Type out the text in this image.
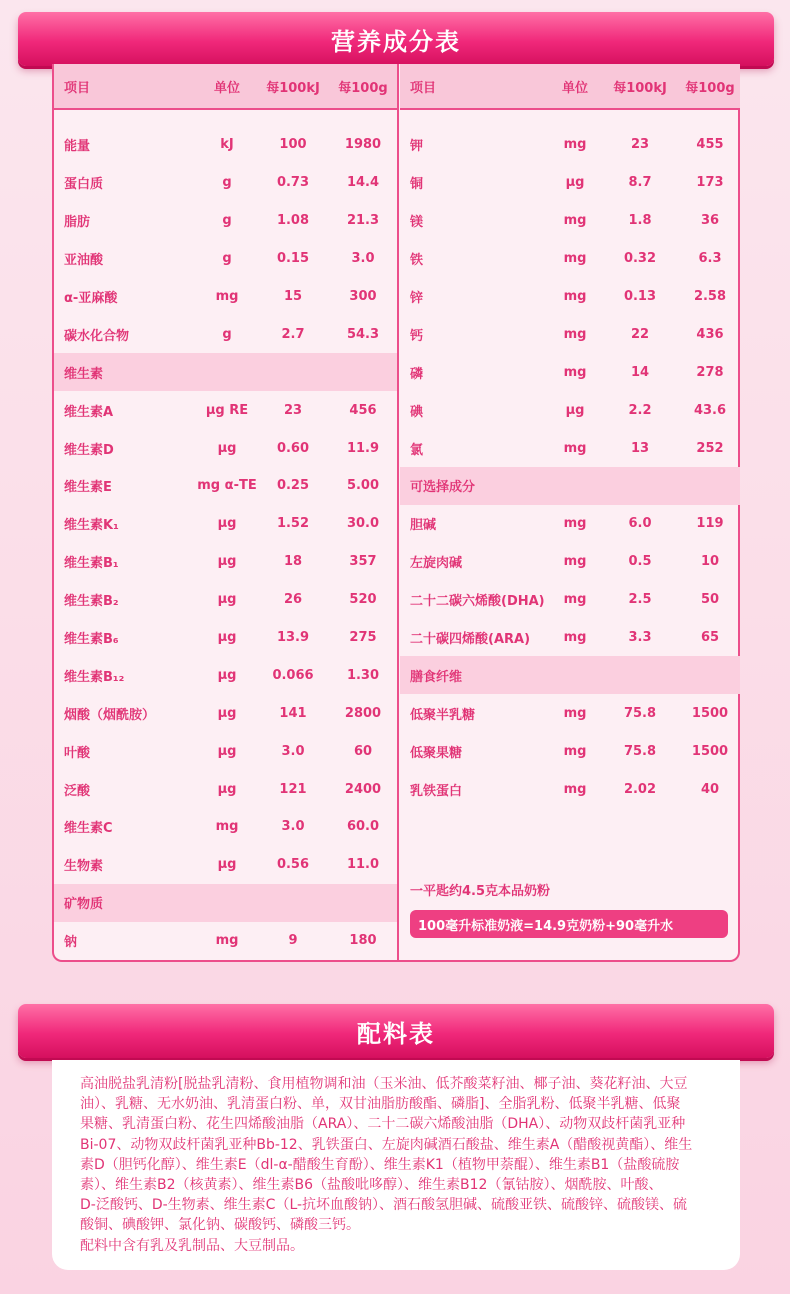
营养成分表
项目	单位	每100kJ	每100g
能量	kJ	100	1980
蛋白质	g	0.73	14.4
脂肪	g	1.08	21.3
亚油酸	g	0.15	3.0
α-亚麻酸	mg	15	300
碳水化合物	g	2.7	54.3
维生素
维生素A	μg RE	23	456
维生素D	μg	0.60	11.9
维生素E	mg α-TE	0.25	5.00
维生素K₁	μg	1.52	30.0
维生素B₁	μg	18	357
维生素B₂	μg	26	520
维生素B₆	μg	13.9	275
维生素B₁₂	μg	0.066	1.30
烟酸（烟酰胺）	μg	141	2800
叶酸	μg	3.0	60
泛酸	μg	121	2400
维生素C	mg	3.0	60.0
生物素	μg	0.56	11.0
矿物质
钠	mg	9	180
项目	单位	每100kJ	每100g
钾	mg	23	455
铜	μg	8.7	173
镁	mg	1.8	36
铁	mg	0.32	6.3
锌	mg	0.13	2.58
钙	mg	22	436
磷	mg	14	278
碘	μg	2.2	43.6
氯	mg	13	252
可选择成分
胆碱	mg	6.0	119
左旋肉碱	mg	0.5	10
二十二碳六烯酸(DHA)	mg	2.5	50
二十碳四烯酸(ARA)	mg	3.3	65
膳食纤维
低聚半乳糖	mg	75.8	1500
低聚果糖	mg	75.8	1500
乳铁蛋白	mg	2.02	40
一平匙约4.5克本品奶粉
100毫升标准奶液=14.9克奶粉+90毫升水
配料表

高油脱盐乳清粉[脱盐乳清粉、食用植物调和油（玉米油、低芥酸菜籽油、椰子油、葵花籽油、大豆

油）、乳糖、无水奶油、乳清蛋白粉、单，双甘油脂肪酸酯、磷脂]、全脂乳粉、低聚半乳糖、低聚

果糖、乳清蛋白粉、花生四烯酸油脂（ARA）、二十二碳六烯酸油脂（DHA）、动物双歧杆菌乳亚种

Bi-07、动物双歧杆菌乳亚种Bb-12、乳铁蛋白、左旋肉碱酒石酸盐、维生素A（醋酸视黄酯）、维生

素D（胆钙化醇）、维生素E（dl-α-醋酸生育酚）、维生素K1（植物甲萘醌）、维生素B1（盐酸硫胺

素）、维生素B2（核黄素）、维生素B6（盐酸吡哆醇）、维生素B12（氰钴胺）、烟酰胺、叶酸、

D-泛酸钙、D-生物素、维生素C（L-抗坏血酸钠）、酒石酸氢胆碱、硫酸亚铁、硫酸锌、硫酸镁、硫

酸铜、碘酸钾、氯化钠、碳酸钙、磷酸三钙。

配料中含有乳及乳制品、大豆制品。
